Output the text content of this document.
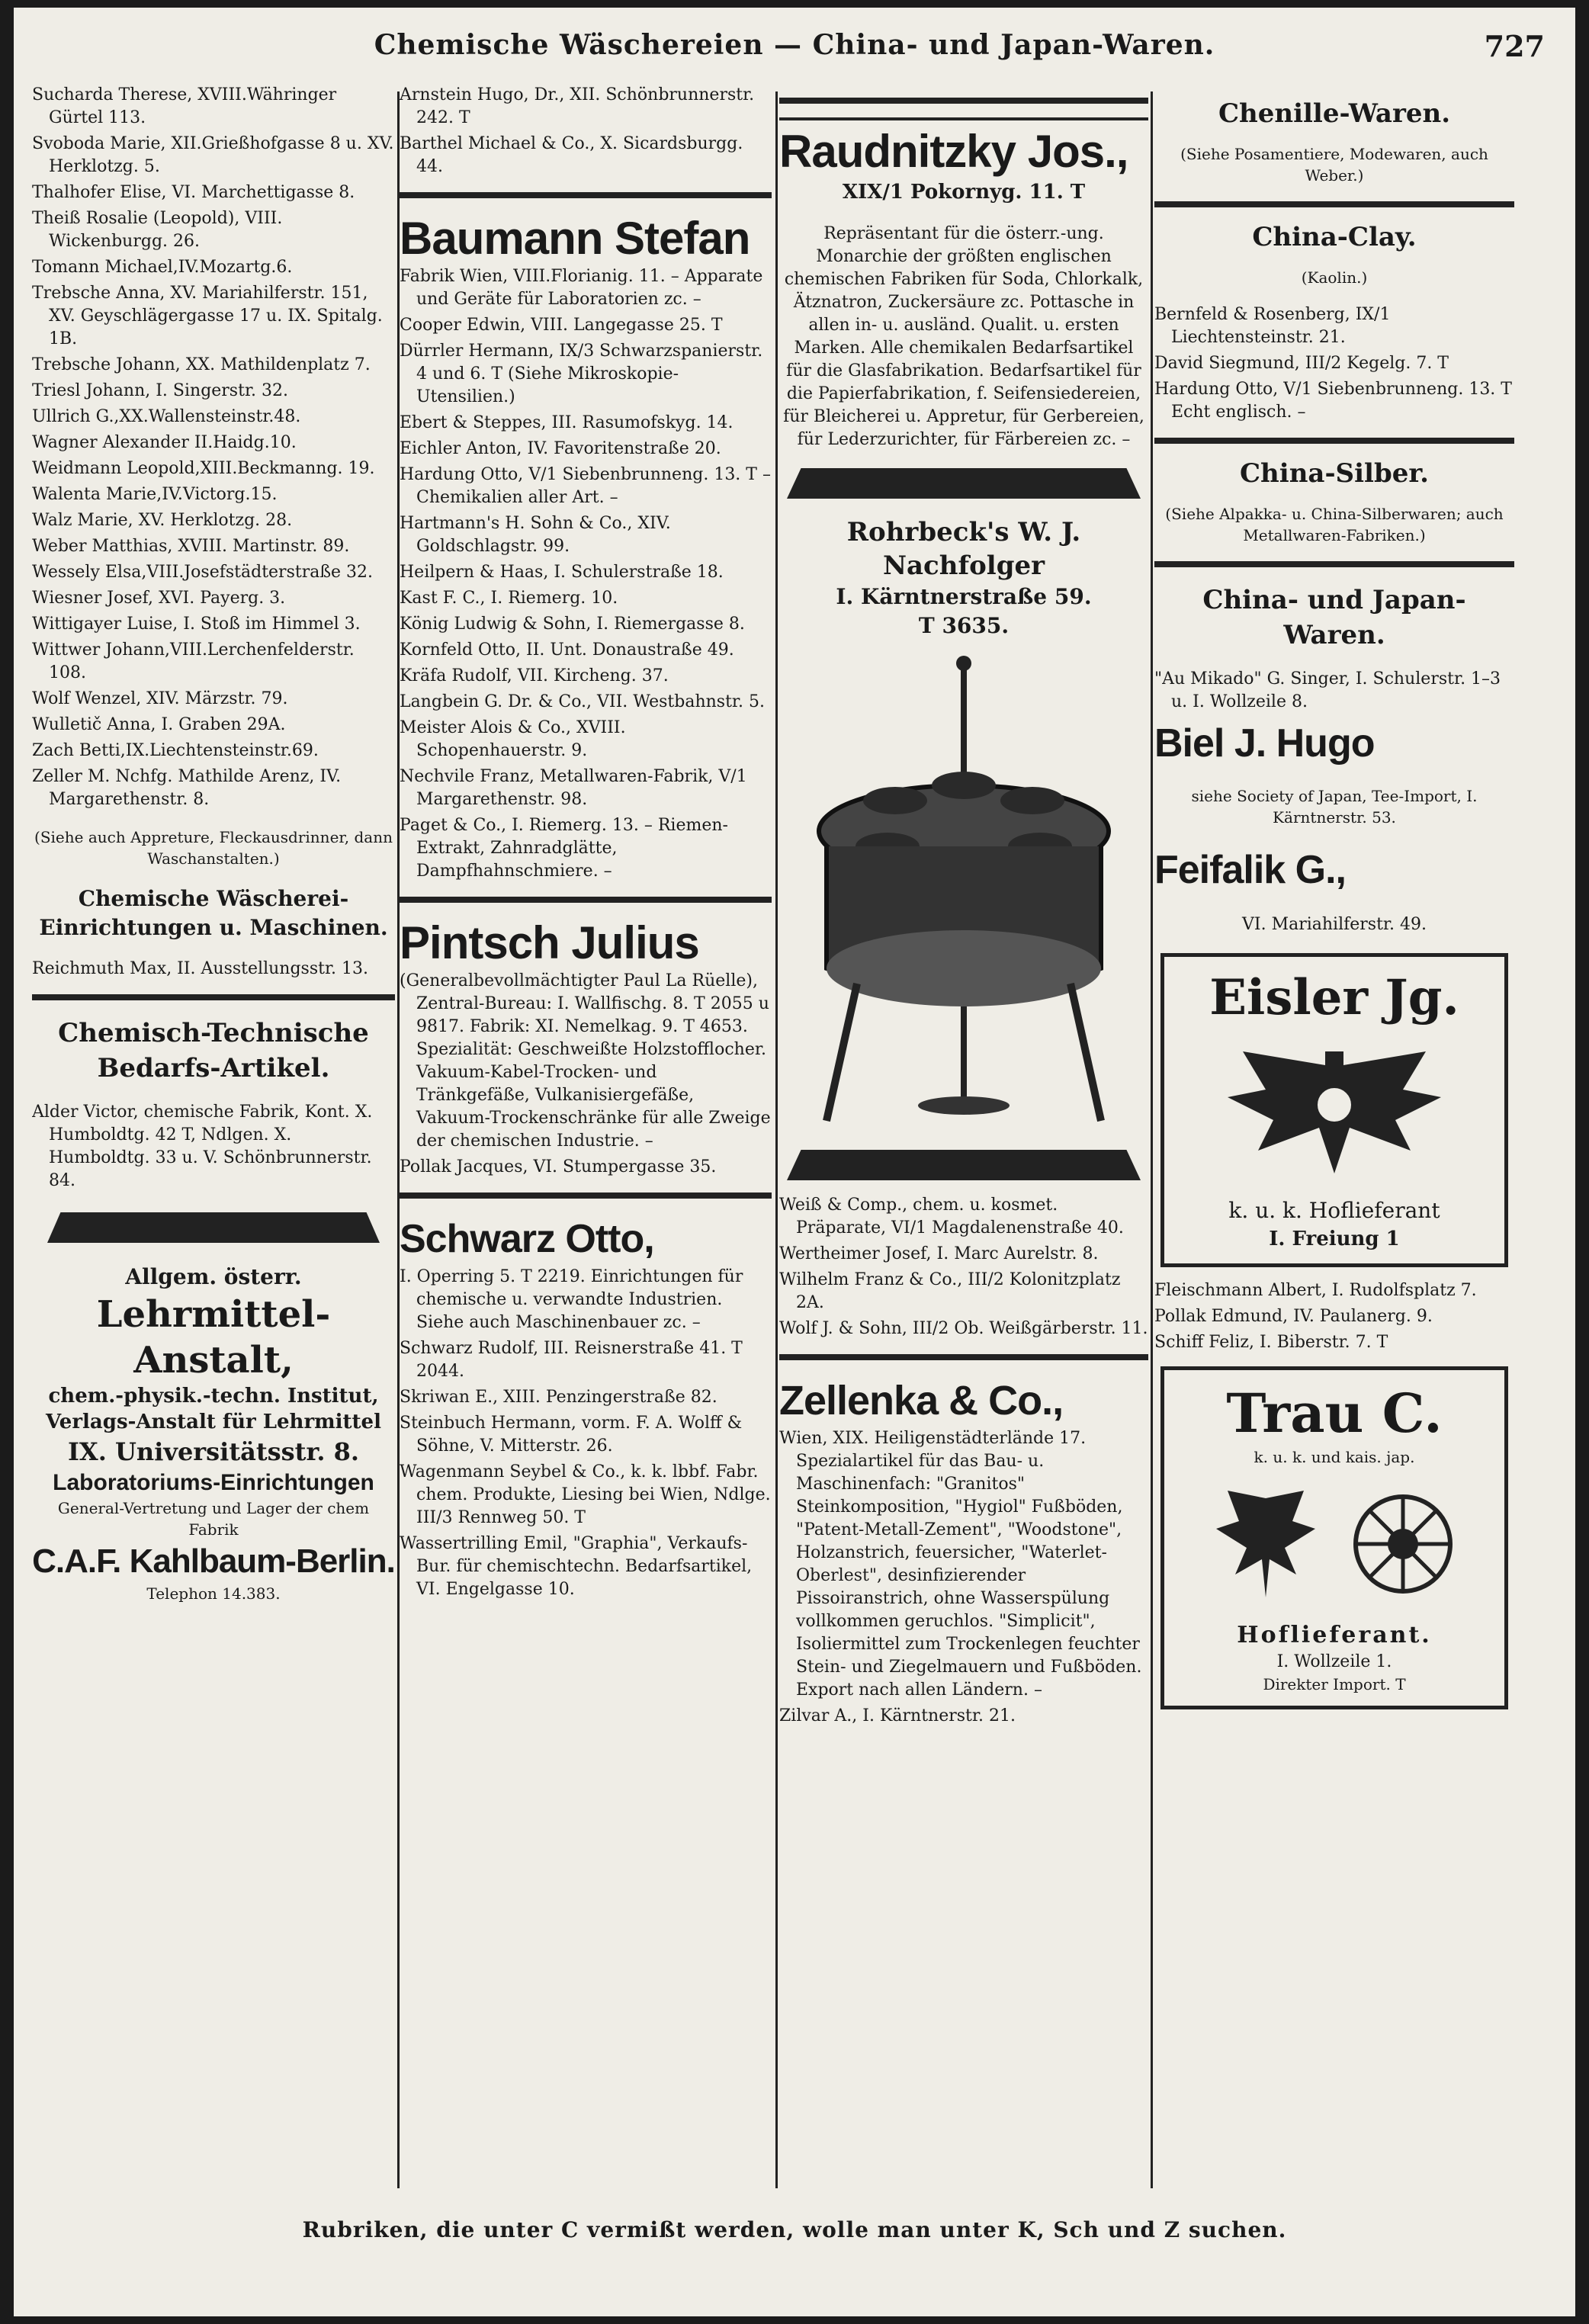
Chemische Wäschereien — China- und Japan-Waren.	727

Sucharda Therese, XVIII.Währinger Gürtel 113.

Svoboda Marie, XII.Grießhofgasse 8 u. XV. Herklotzg. 5.

Thalhofer Elise, VI. Marchettigasse 8.

Theiß Rosalie (Leopold), VIII. Wickenburgg. 26.

Tomann Michael,IV.Mozartg.6.

Trebsche Anna, XV. Mariahilferstr. 151, XV. Geyschlägergasse 17 u. IX. Spitalg. 1B.

Trebsche Johann, XX. Mathildenplatz 7.

Triesl Johann, I. Singerstr. 32.

Ullrich G.,XX.Wallensteinstr.48.

Wagner Alexander II.Haidg.10.

Weidmann Leopold,XIII.Beckmanng. 19.

Walenta Marie,IV.Victorg.15.

Walz Marie, XV. Herklotzg. 28.

Weber Matthias, XVIII. Martinstr. 89.

Wessely Elsa,VIII.Josefstädterstraße 32.

Wiesner Josef, XVI. Payerg. 3.

Wittigayer Luise, I. Stoß im Himmel 3.

Wittwer Johann,VIII.Lerchenfelderstr. 108.

Wolf Wenzel, XIV. Märzstr. 79.

Wulletič Anna, I. Graben 29A.

Zach Betti,IX.Liechtensteinstr.69.

Zeller M. Nchfg. Mathilde Arenz, IV. Margarethenstr. 8.

(Siehe auch Appreture, Fleckausdrinner, dann Waschanstalten.)

Chemische Wäscherei-Einrichtungen u. Maschinen.

Reichmuth Max, II. Ausstellungsstr. 13.

Chemisch-Technische Bedarfs-Artikel.

Alder Victor, chemische Fabrik, Kont. X. Humboldtg. 42 T, Ndlgen. X. Humboldtg. 33 u. V. Schönbrunnerstr. 84.

Allgem. österr.
Lehrmittel-Anstalt,
chem.-physik.-techn. Institut, Verlags-Anstalt für Lehrmittel
IX. Universitätsstr. 8.
Laboratoriums-Einrichtungen
General-Vertretung und Lager der chem Fabrik
C.A.F. Kahlbaum-Berlin.
Telephon 14.383.

Arnstein Hugo, Dr., XII. Schönbrunnerstr. 242. T

Barthel Michael & Co., X. Sicardsburgg. 44.

Baumann Stefan

Fabrik Wien, VIII.Florianig. 11. – Apparate und Geräte für Laboratorien zc. –

Cooper Edwin, VIII. Langegasse 25. T

Dürrler Hermann, IX/3 Schwarzspanierstr. 4 und 6. T (Siehe Mikroskopie-Utensilien.)

Ebert & Steppes, III. Rasumofskyg. 14.

Eichler Anton, IV. Favoritenstraße 20.

Hardung Otto, V/1 Siebenbrunneng. 13. T – Chemikalien aller Art. –

Hartmann's H. Sohn & Co., XIV. Goldschlagstr. 99.

Heilpern & Haas, I. Schulerstraße 18.

Kast F. C., I. Riemerg. 10.

König Ludwig & Sohn, I. Riemergasse 8.

Kornfeld Otto, II. Unt. Donaustraße 49.

Kräfa Rudolf, VII. Kircheng. 37.

Langbein G. Dr. & Co., VII. Westbahnstr. 5.

Meister Alois & Co., XVIII. Schopenhauerstr. 9.

Nechvile Franz, Metallwaren-Fabrik, V/1 Margarethenstr. 98.

Paget & Co., I. Riemerg. 13. – Riemen-Extrakt, Zahnradglätte, Dampfhahnschmiere. –

Pintsch Julius

(Generalbevollmächtigter Paul La Rüelle), Zentral-Bureau: I. Wallfischg. 8. T 2055 u 9817. Fabrik: XI. Nemelkag. 9. T 4653. Spezialität: Geschweißte Holzstofflocher. Vakuum-Kabel-Trocken- und Tränkgefäße, Vulkanisiergefäße, Vakuum-Trockenschränke für alle Zweige der chemischen Industrie. –

Pollak Jacques, VI. Stumpergasse 35.

Schwarz Otto,

I. Operring 5. T 2219. Einrichtungen für chemische u. verwandte Industrien. Siehe auch Maschinenbauer zc. –

Schwarz Rudolf, III. Reisnerstraße 41. T 2044.

Skriwan E., XIII. Penzingerstraße 82.

Steinbuch Hermann, vorm. F. A. Wolff & Söhne, V. Mitterstr. 26.

Wagenmann Seybel & Co., k. k. lbbf. Fabr. chem. Produkte, Liesing bei Wien, Ndlge. III/3 Rennweg 50. T

Wassertrilling Emil, "Graphia", Verkaufs-Bur. für chemischtechn. Bedarfsartikel, VI. Engelgasse 10.

Raudnitzky Jos.,
XIX/1 Pokornyg. 11. T

Repräsentant für die österr.-ung. Monarchie der größten englischen chemischen Fabriken für Soda, Chlorkalk, Ätznatron, Zuckersäure zc. Pottasche in allen in- u. ausländ. Qualit. u. ersten Marken. Alle chemikalen Bedarfsartikel für die Glasfabrikation. Bedarfsartikel für die Papierfabrikation, f. Seifensiedereien, für Bleicherei u. Appretur, für Gerbereien, für Lederzurichter, für Färbereien zc. –

Rohrbeck's W. J. Nachfolger
I. Kärntnerstraße 59.
T 3635.

Weiß & Comp., chem. u. kosmet. Präparate, VI/1 Magdalenenstraße 40.

Wertheimer Josef, I. Marc Aurelstr. 8.

Wilhelm Franz & Co., III/2 Kolonitzplatz 2A.

Wolf J. & Sohn, III/2 Ob. Weißgärberstr. 11.

Zellenka & Co.,

Wien, XIX. Heiligenstädterlände 17. Spezialartikel für das Bau- u. Maschinenfach: "Granitos" Steinkomposition, "Hygiol" Fußböden, "Patent-Metall-Zement", "Woodstone", Holzanstrich, feuersicher, "Waterlet-Oberlest", desinfizierender Pissoiranstrich, ohne Wasserspülung vollkommen geruchlos. "Simplicit", Isoliermittel zum Trockenlegen feuchter Stein- und Ziegelmauern und Fußböden. Export nach allen Ländern. –

Zilvar A., I. Kärntnerstr. 21.

Chenille-Waren.

(Siehe Posamentiere, Modewaren, auch Weber.)

China-Clay.

(Kaolin.)

Bernfeld & Rosenberg, IX/1 Liechtensteinstr. 21.

David Siegmund, III/2 Kegelg. 7. T

Hardung Otto, V/1 Siebenbrunneng. 13. T Echt englisch. –

China-Silber.

(Siehe Alpakka- u. China-Silberwaren; auch Metallwaren-Fabriken.)

China- und Japan-Waren.

"Au Mikado" G. Singer, I. Schulerstr. 1–3 u. I. Wollzeile 8.

Biel J. Hugo

siehe Society of Japan, Tee-Import, I. Kärntnerstr. 53.

Feifalik G.,

VI. Mariahilferstr. 49.

Eisler Jg.
k. u. k. Hoflieferant
I. Freiung 1

Fleischmann Albert, I. Rudolfsplatz 7.

Pollak Edmund, IV. Paulanerg. 9.

Schiff Feliz, I. Biberstr. 7. T

Trau C.
k. u. k. und kais. jap.
Hoflieferant.
I. Wollzeile 1.
Direkter Import. T
Rubriken, die unter C vermißt werden, wolle man unter K, Sch und Z suchen.
